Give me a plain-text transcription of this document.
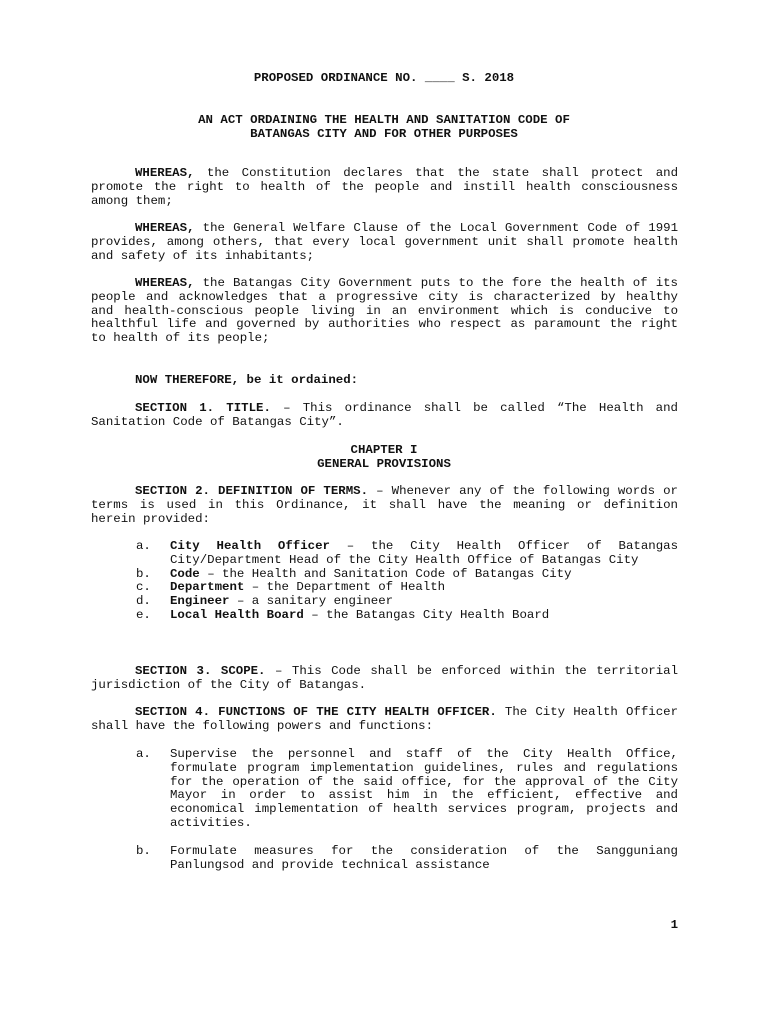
PROPOSED ORDINANCE NO. ____ S. 2018
AN ACT ORDAINING THE HEALTH AND SANITATION CODE OF
BATANGAS CITY AND FOR OTHER PURPOSES
WHEREAS, the Constitution declares that the state shall protect and promote the right to health of the people and instill health consciousness among them;
WHEREAS, the General Welfare Clause of the Local Government Code of 1991 provides, among others, that every local government unit shall promote health and safety of its inhabitants;
WHEREAS, the Batangas City Government puts to the fore the health of its people and acknowledges that a progressive city is characterized by healthy and health-conscious people living in an environment which is conducive to healthful life and governed by authorities who respect as paramount the right to health of its people;
NOW THEREFORE, be it ordained:
SECTION 1. TITLE. – This ordinance shall be called “The Health and Sanitation Code of Batangas City”.
CHAPTER I
GENERAL PROVISIONS
SECTION 2. DEFINITION OF TERMS. – Whenever any of the following words or terms is used in this Ordinance, it shall have the meaning or definition herein provided:
a. City Health Officer – the City Health Officer of Batangas City/Department Head of the City Health Office of Batangas City
b. Code – the Health and Sanitation Code of Batangas City
c. Department – the Department of Health
d. Engineer – a sanitary engineer
e. Local Health Board – the Batangas City Health Board
SECTION 3. SCOPE. – This Code shall be enforced within the territorial jurisdiction of the City of Batangas.
SECTION 4. FUNCTIONS OF THE CITY HEALTH OFFICER. The City Health Officer shall have the following powers and functions:
a. Supervise the personnel and staff of the City Health Office, formulate program implementation guidelines, rules and regulations for the operation of the said office, for the approval of the City Mayor in order to assist him in the efficient, effective and economical implementation of health services program, projects and activities.
b. Formulate measures for the consideration of the Sangguniang Panlungsod and provide technical assistance
1
